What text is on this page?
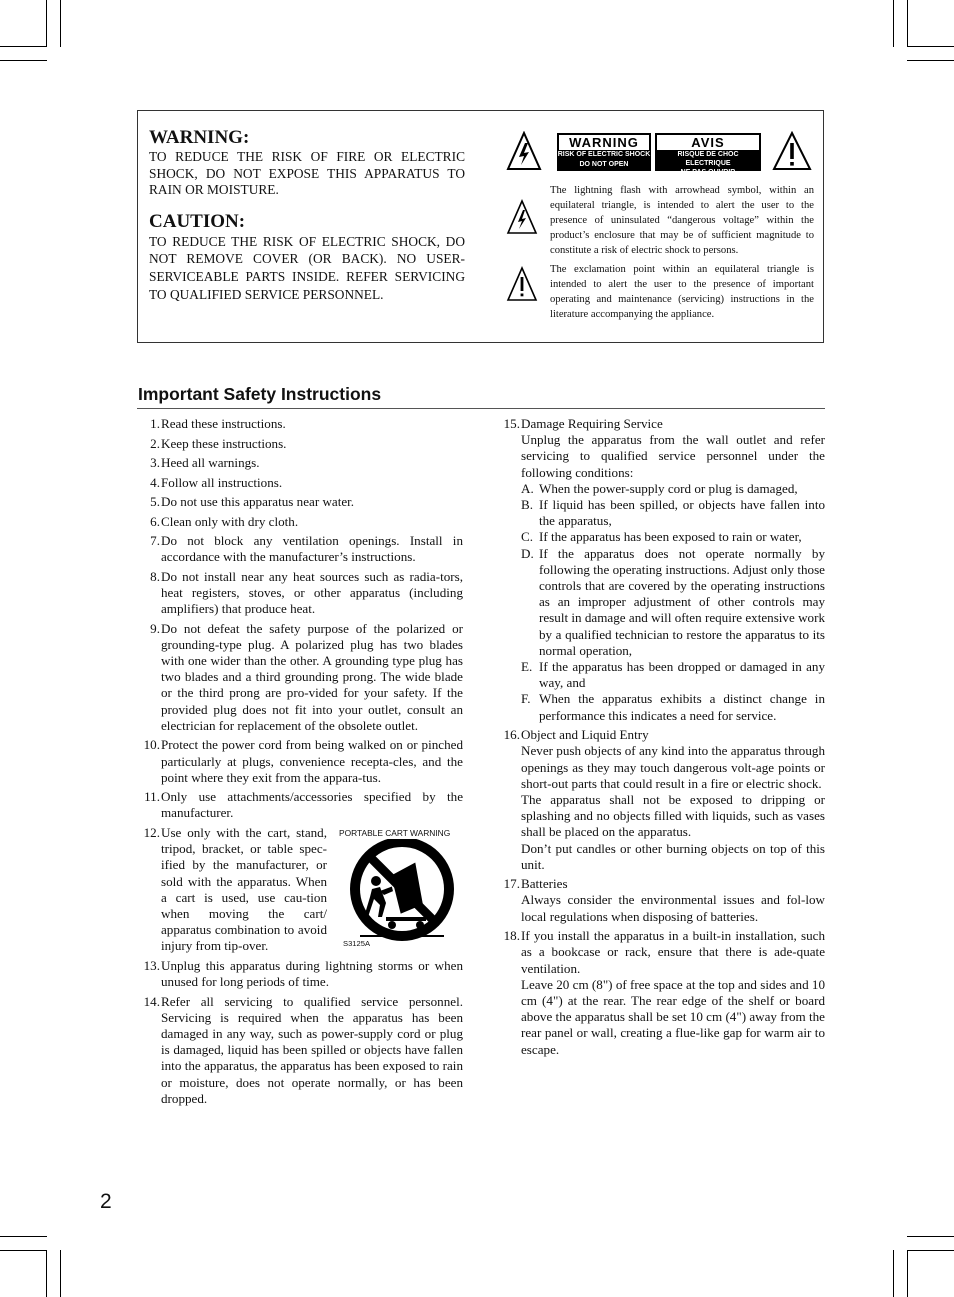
WARNING:

TO REDUCE THE RISK OF FIRE OR ELECTRIC SHOCK, DO NOT EXPOSE THIS APPARATUS TO RAIN OR MOISTURE.

CAUTION:

TO REDUCE THE RISK OF ELECTRIC SHOCK, DO NOT REMOVE COVER (OR BACK). NO USER-SERVICEABLE PARTS INSIDE. REFER SERVICING TO QUALIFIED SERVICE PERSONNEL.

WARNING
RISK OF ELECTRIC SHOCK
DO NOT OPEN
AVIS
RISQUE DE CHOC ELECTRIQUE
NE PAS OUVRIR
The lightning flash with arrowhead symbol, within an equilateral triangle, is intended to alert the user to the presence of uninsulated “dangerous voltage” within the product’s enclosure that may be of sufficient magnitude to constitute a risk of electric shock to persons.
The exclamation point within an equilateral triangle is intended to alert the user to the presence of important operating and maintenance (servicing) instructions in the literature accompanying the appliance.
Important Safety Instructions
1. Read these instructions.
2. Keep these instructions.
3. Heed all warnings.
4. Follow all instructions.
5. Do not use this apparatus near water.
6. Clean only with dry cloth.
7. Do not block any ventilation openings. Install in accordance with the manufacturer’s instructions.
8. Do not install near any heat sources such as radia-tors, heat registers, stoves, or other apparatus (including amplifiers) that produce heat.
9. Do not defeat the safety purpose of the polarized or grounding-type plug. A polarized plug has two blades with one wider than the other. A grounding type plug has two blades and a third grounding prong. The wide blade or the third prong are pro-vided for your safety. If the provided plug does not fit into your outlet, consult an electrician for replacement of the obsolete outlet.
10. Protect the power cord from being walked on or pinched particularly at plugs, convenience recepta-cles, and the point where they exit from the appara-tus.
11. Only use attachments/accessories specified by the manufacturer.
12. Use only with the cart, stand, tripod, bracket, or table spec-ified by the manufacturer, or sold with the apparatus. When a cart is used, use cau-tion when moving the cart/ apparatus combination to avoid injury from tip-over.
PORTABLE CART WARNING
S3125A
13. Unplug this apparatus during lightning storms or when unused for long periods of time.
14. Refer all servicing to qualified service personnel. Servicing is required when the apparatus has been damaged in any way, such as power-supply cord or plug is damaged, liquid has been spilled or objects have fallen into the apparatus, the apparatus has been exposed to rain or moisture, does not operate normally, or has been dropped.
15. Damage Requiring Service
Unplug the apparatus from the wall outlet and refer servicing to qualified service personnel under the following conditions:
A. When the power-supply cord or plug is damaged,
B. If liquid has been spilled, or objects have fallen into the apparatus,
C. If the apparatus has been exposed to rain or water,
D. If the apparatus does not operate normally by following the operating instructions. Adjust only those controls that are covered by the operating instructions as an improper adjustment of other controls may result in damage and will often require extensive work by a qualified technician to restore the apparatus to its normal operation,
E. If the apparatus has been dropped or damaged in any way, and
F. When the apparatus exhibits a distinct change in performance this indicates a need for service.
16. Object and Liquid Entry
Never push objects of any kind into the apparatus through openings as they may touch dangerous volt-age points or short-out parts that could result in a fire or electric shock.
The apparatus shall not be exposed to dripping or splashing and no objects filled with liquids, such as vases shall be placed on the apparatus.
Don’t put candles or other burning objects on top of this unit.
17. Batteries
Always consider the environmental issues and fol-low local regulations when disposing of batteries.
18. If you install the apparatus in a built-in installation, such as a bookcase or rack, ensure that there is ade-quate ventilation.
Leave 20 cm (8") of free space at the top and sides and 10 cm (4") at the rear. The rear edge of the shelf or board above the apparatus shall be set 10 cm (4") away from the rear panel or wall, creating a flue-like gap for warm air to escape.
2
